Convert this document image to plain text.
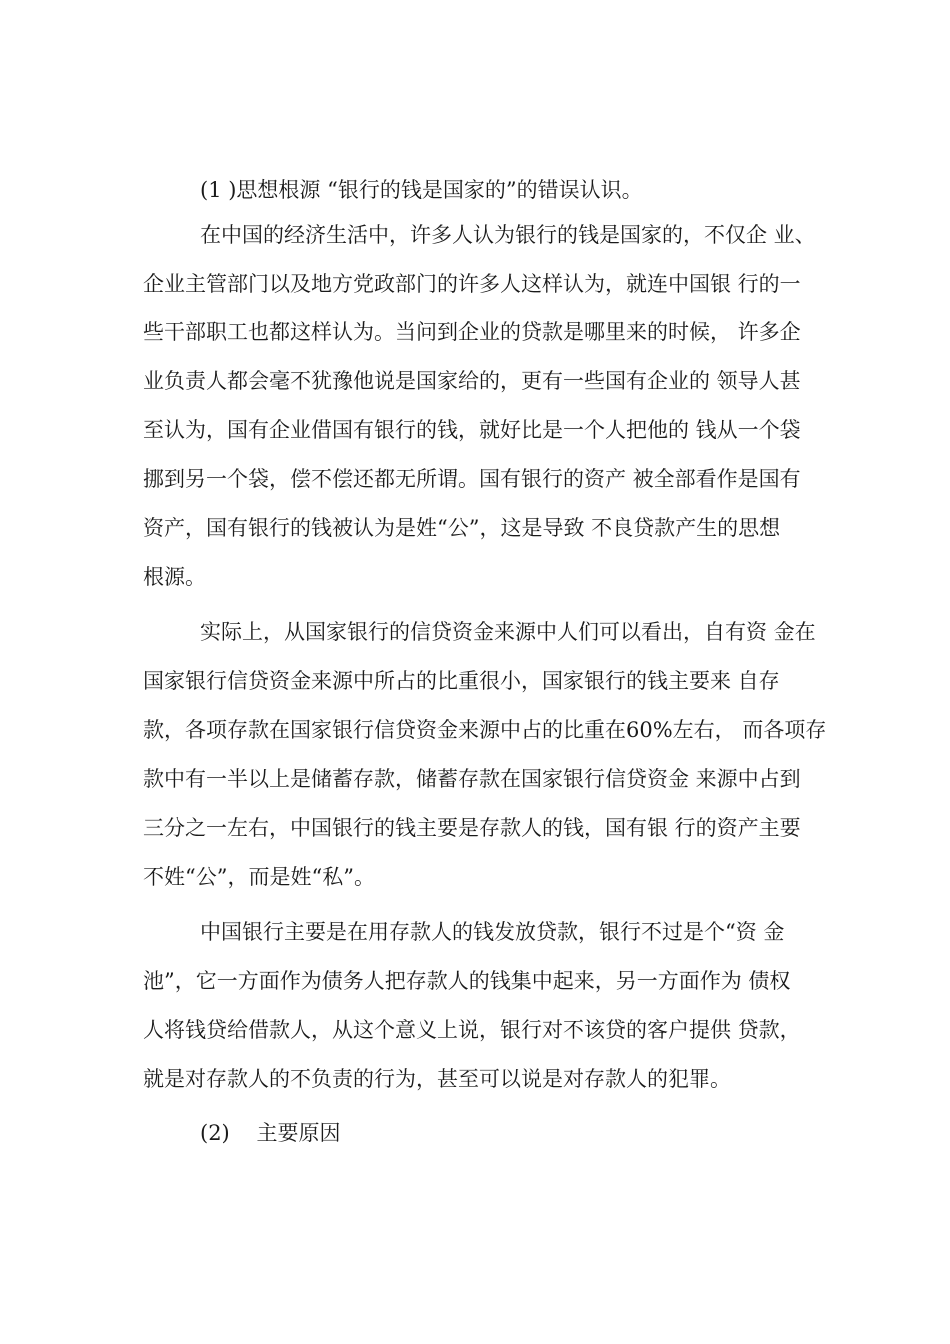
(1 )思想根源 “银行的钱是国家的”的错误认识。
在中国的经济生活中，许多人认为银行的钱是国家的，不仅企 业、
企业主管部门以及地方党政部门的许多人这样认为，就连中国银 行的一
些干部职工也都这样认为。当问到企业的贷款是哪里来的时候， 许多企
业负责人都会毫不犹豫他说是国家给的，更有一些国有企业的 领导人甚
至认为，国有企业借国有银行的钱，就好比是一个人把他的 钱从一个袋
挪到另一个袋，偿不偿还都无所谓。国有银行的资产 被全部看作是国有
资产，国有银行的钱被认为是姓“公”，这是导致 不良贷款产生的思想
根源。
实际上，从国家银行的信贷资金来源中人们可以看出，自有资 金在
国家银行信贷资金来源中所占的比重很小，国家银行的钱主要来 自存
款，各项存款在国家银行信贷资金来源中占的比重在60%左右， 而各项存
款中有一半以上是储蓄存款，储蓄存款在国家银行信贷资金 来源中占到
三分之一左右，中国银行的钱主要是存款人的钱，国有银 行的资产主要
不姓“公”，而是姓“私”。
中国银行主要是在用存款人的钱发放贷款，银行不过是个“资 金
池”，它一方面作为债务人把存款人的钱集中起来，另一方面作为 债权
人将钱贷给借款人，从这个意义上说，银行对不该贷的客户提供 贷款，
就是对存款人的不负责的行为，甚至可以说是对存款人的犯罪。
(2)    主要原因
